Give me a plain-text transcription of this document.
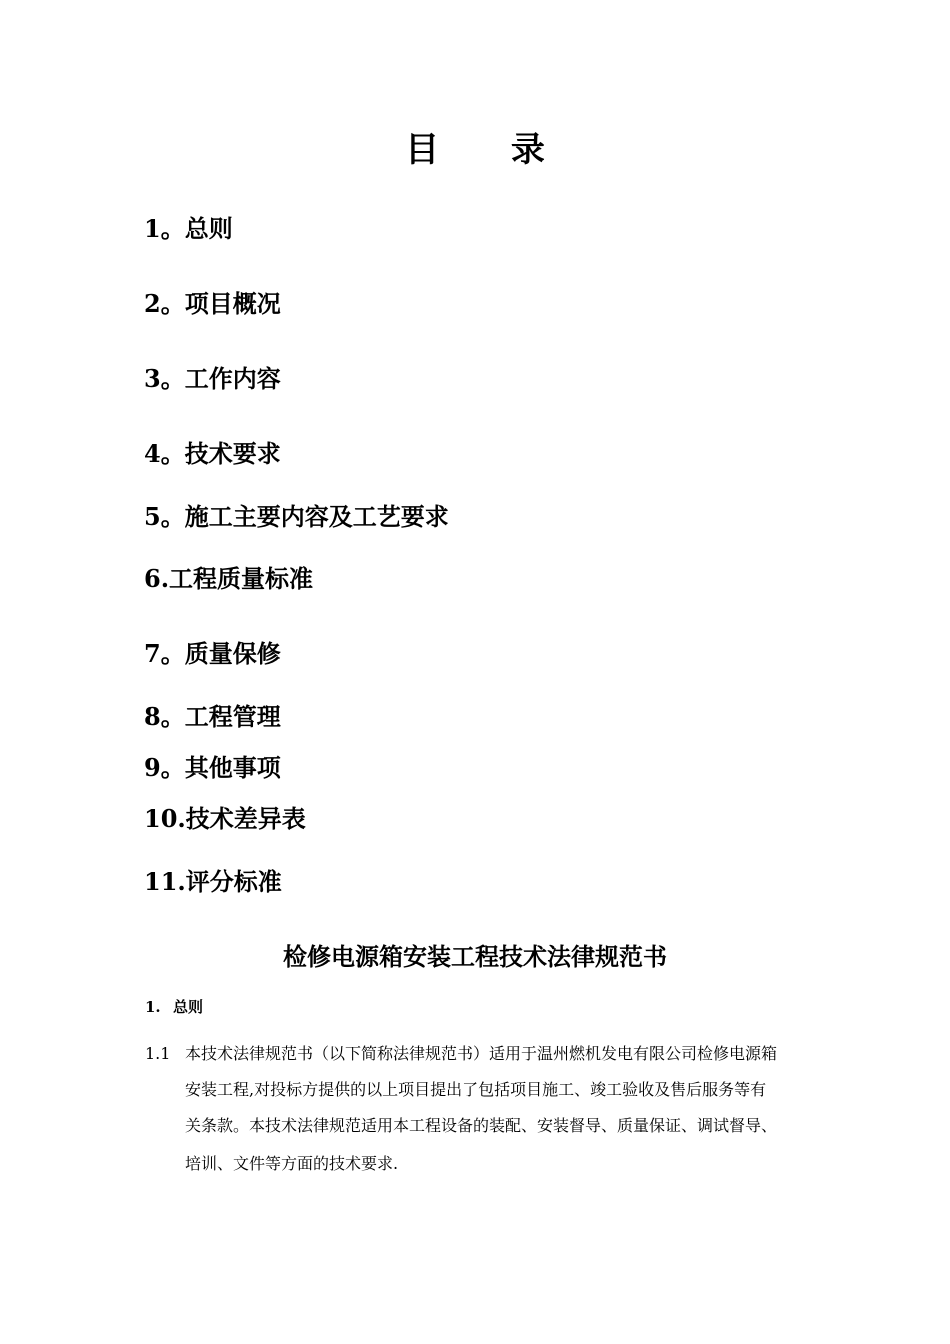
目 录
1。总则
2。项目概况
3。工作内容
4。技术要求
5。施工主要内容及工艺要求
6.工程质量标准
7。质量保修
8。工程管理
9。其他事项
10.技术差异表
11.评分标准
检修电源箱安装工程技术法律规范书
1. 总则
1.1 本技术法律规范书（以下简称法律规范书）适用于温州燃机发电有限公司检修电源箱
安装工程,对投标方提供的以上项目提出了包括项目施工、竣工验收及售后服务等有
关条款。本技术法律规范适用本工程设备的装配、安装督导、质量保证、调试督导、
培训、文件等方面的技术要求.
